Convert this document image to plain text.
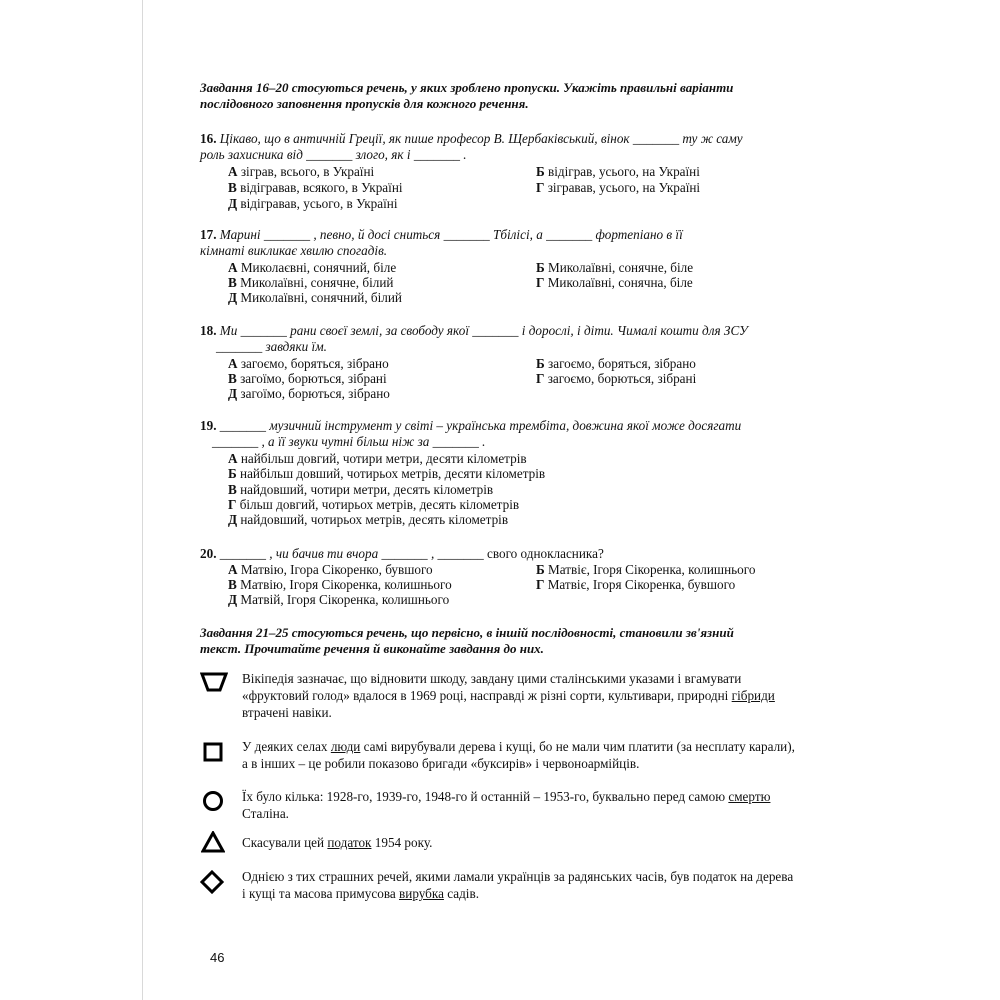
Завдання 16–20 стосуються речень, у яких зроблено пропуски. Укажіть правильні варіанти
послідовного заповнення пропусків для кожного речення.
16. Цікаво, що в античній Греції, як пише професор В. Щербаківський, вінок _______ ту ж саму
роль захисника від _______ злого, як і _______ .
А зіграв, всього, в Україні	Б відіграв, усього, на Україні
В відігравав, всякого, в Україні	Г зігравав, усього, на Україні
Д відігравав, усього, в Україні
17. Марині _______ , певно, й досі сниться _______ Тбілісі, а _______ фортепіано в її
кімнаті викликає хвилю спогадів.
А Миколаєвні, сонячний, біле	Б Миколаївні, сонячне, біле
В Миколаївні, сонячне, білий	Г Миколаївні, сонячна, біле
Д Миколаївні, сонячний, білий
18. Ми _______ рани своєї землі, за свободу якої _______ і дорослі, і діти. Чималі кошти для ЗСУ
_______ завдяки їм.
А загоємо, боряться, зібрано	Б загоємо, боряться, зібрано
В загоїмо, борються, зібрані	Г загоємо, борються, зібрані
Д загоїмо, борються, зібрано
19. _______ музичний інструмент у світі – українська трембіта, довжина якої може досягати
_______ , а її звуки чутні більш ніж за _______ .
А найбільш довгий, чотири метри, десяти кілометрів
Б найбільш довший, чотирьох метрів, десяти кілометрів
В найдовший, чотири метри, десять кілометрів
Г більш довгий, чотирьох метрів, десять кілометрів
Д найдовший, чотирьох метрів, десять кілометрів
20. _______ , чи бачив ти вчора _______ , _______ свого однокласника?
А Матвію, Ігора Сікоренко, бувшого	Б Матвіє, Ігоря Сікоренка, колишнього
В Матвію, Ігоря Сікоренка, колишнього	Г Матвіє, Ігоря Сікоренка, бувшого
Д Матвій, Ігоря Сікоренка, колишнього
Завдання 21–25 стосуються речень, що первісно, в іншій послідовності, становили зв'язний
текст. Прочитайте речення й виконайте завдання до них.
Вікіпедія зазначає, що відновити шкоду, завдану цими сталінськими указами і вгамувати
«фруктовий голод» вдалося в 1969 році, насправді ж різні сорти, культивари, природні гібриди
втрачені навіки.
У деяких селах люди самі вирубували дерева і кущі, бо не мали чим платити (за несплату карали),
а в інших – це робили показово бригади «буксирів» і червоноармійців.
Їх було кілька: 1928-го, 1939-го, 1948-го й останній – 1953-го, буквально перед самою смертю
Сталіна.
Скасували цей податок 1954 року.
Однією з тих страшних речей, якими ламали українців за радянських часів, був податок на дерева
і кущі та масова примусова вирубка садів.
46
